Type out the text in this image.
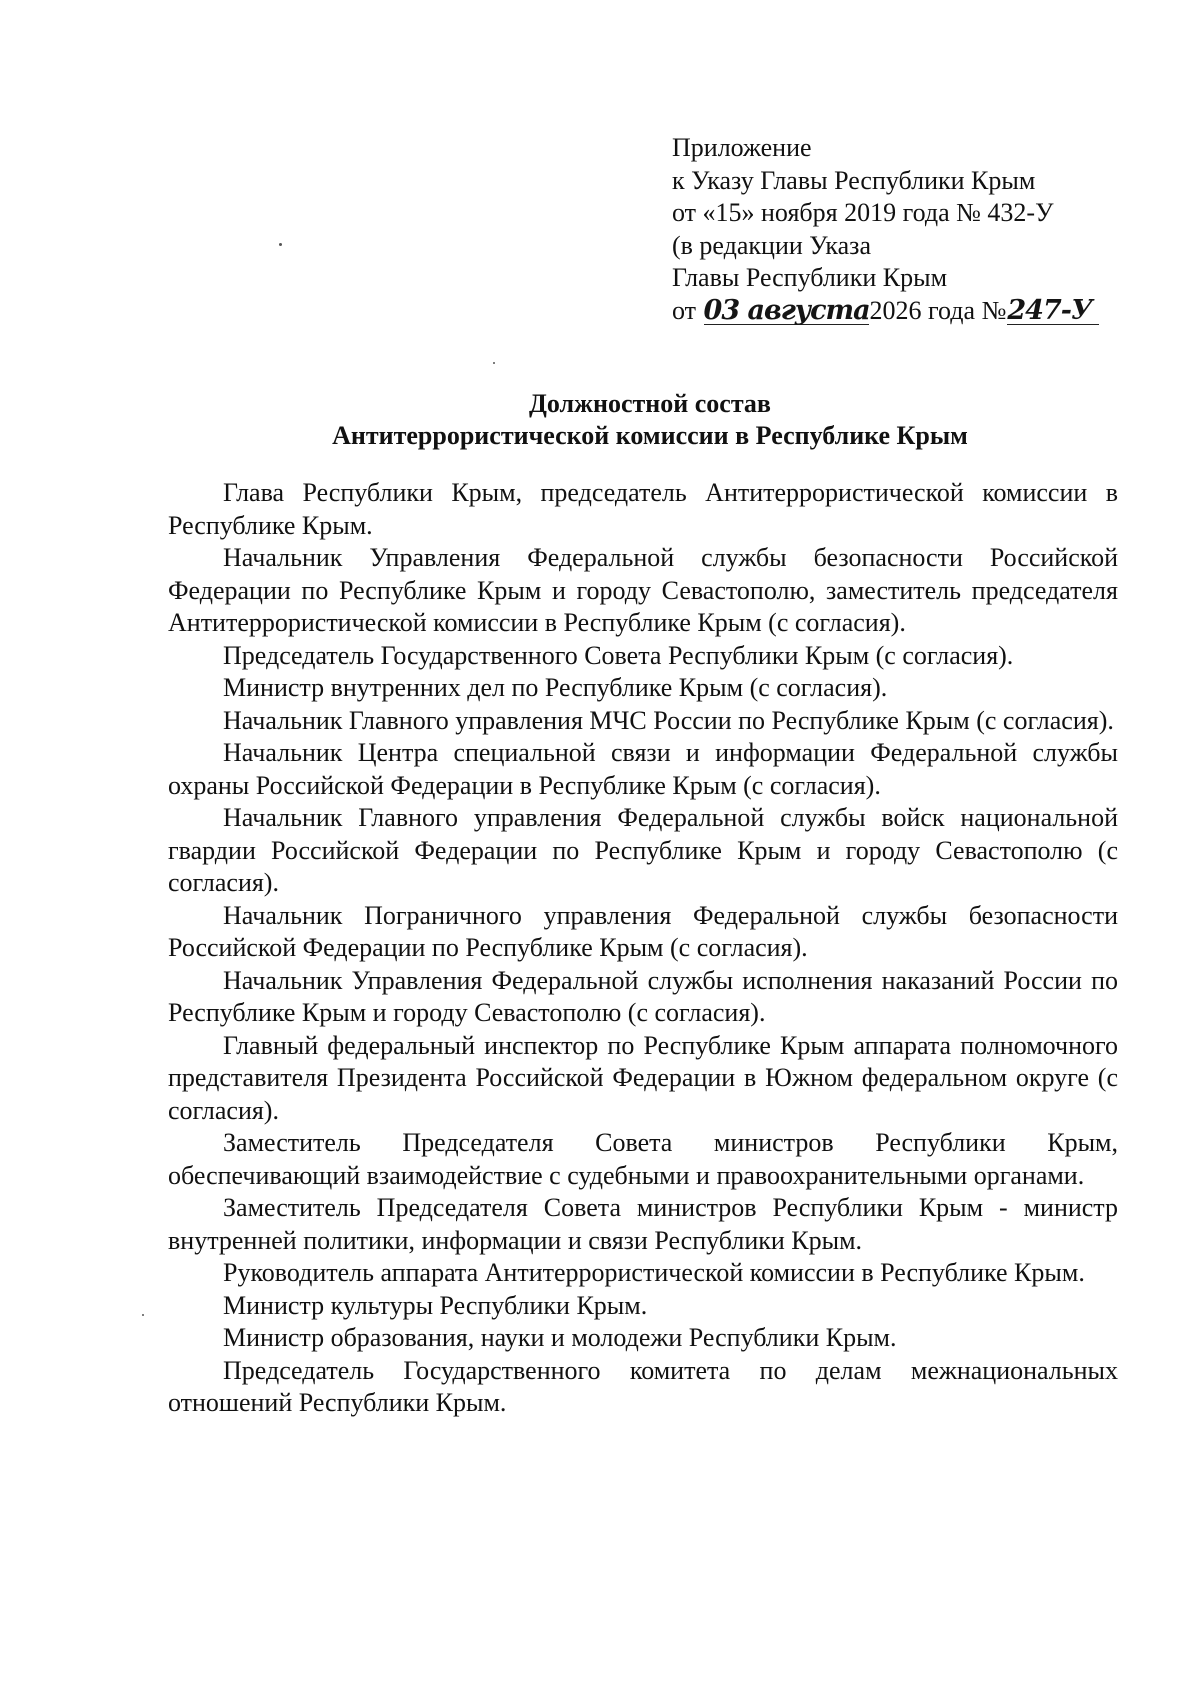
Приложение
к Указу Главы Республики Крым
от «15» ноября 2019 года № 432-У
(в редакции Указа
Главы Республики Крым
от 03 августа2026 года №247-У
Должностной состав
Антитеррористической комиссии в Республике Крым

Глава Республики Крым, председатель Антитеррористической комиссии в Республике Крым.

Начальник Управления Федеральной службы безопасности Российской Федерации по Республике Крым и городу Севастополю, заместитель председателя Антитеррористической комиссии в Республике Крым (с согласия).

Председатель Государственного Совета Республики Крым (с согласия).

Министр внутренних дел по Республике Крым (с согласия).

Начальник Главного управления МЧС России по Республике Крым (с согласия).

Начальник Центра специальной связи и информации Федеральной службы охраны Российской Федерации в Республике Крым (с согласия).

Начальник Главного управления Федеральной службы войск национальной гвардии Российской Федерации по Республике Крым и городу Севастополю (с согласия).

Начальник Пограничного управления Федеральной службы безопасности Российской Федерации по Республике Крым (с согласия).

Начальник Управления Федеральной службы исполнения наказаний России по Республике Крым и городу Севастополю (с согласия).

Главный федеральный инспектор по Республике Крым аппарата полномочного представителя Президента Российской Федерации в Южном федеральном округе (с согласия).

Заместитель Председателя Совета министров Республики Крым, обеспечивающий взаимодействие с судебными и правоохранительными органами.

Заместитель Председателя Совета министров Республики Крым - министр внутренней политики, информации и связи Республики Крым.

Руководитель аппарата Антитеррористической комиссии в Республике Крым.

Министр культуры Республики Крым.

Министр образования, науки и молодежи Республики Крым.

Председатель Государственного комитета по делам межнациональных отношений Республики Крым.
